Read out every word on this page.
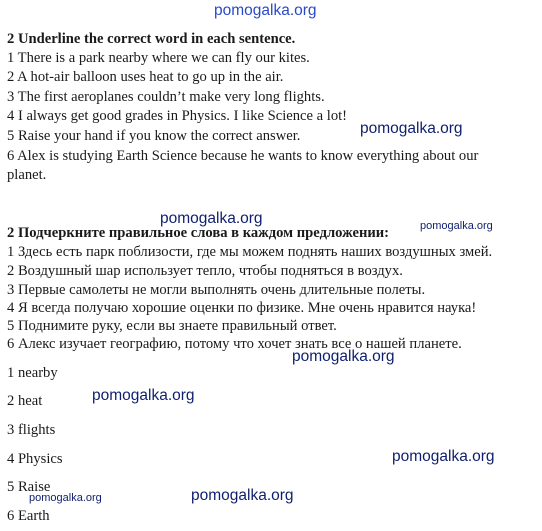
pomogalka.org
2 Underline the correct word in each sentence.
1 There is a park nearby where we can fly our kites.
2 A hot-air balloon uses heat to go up in the air.
3 The first aeroplanes couldn’t make very long flights.
4 I always get good grades in Physics. I like Science a lot!
5 Raise your hand if you know the correct answer.
6 Alex is studying Earth Science because he wants to know everything about our
planet.
pomogalka.org
pomogalka.org	pomogalka.org
2 Подчеркните правильное слова в каждом предложении:
1 Здесь есть парк поблизости, где мы можем поднять наших воздушных змей.
2 Воздушный шар использует тепло, чтобы подняться в воздух.
3 Первые самолеты не могли выполнять очень длительные полеты.
4 Я всегда получаю хорошие оценки по физике. Мне очень нравится наука!
5 Поднимите руку, если вы знаете правильный ответ.
6 Алекс изучает географию, потому что хочет знать все о нашей планете.
pomogalka.org
1 nearby
2 heat
3 flights
4 Physics
5 Raise
6 Earth
pomogalka.org
pomogalka.org
pomogalka.org	pomogalka.org
